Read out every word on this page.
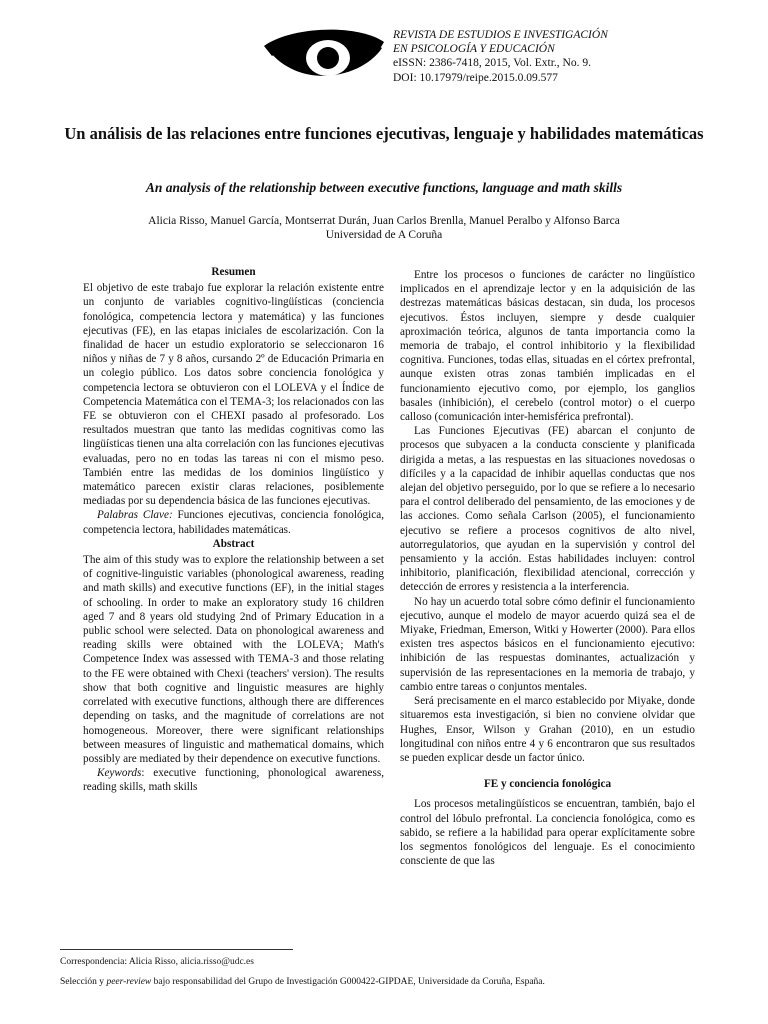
REVISTA DE ESTUDIOS E INVESTIGACIÓN
EN PSICOLOGÍA Y EDUCACIÓN
eISSN: 2386-7418, 2015, Vol. Extr., No. 9.
DOI: 10.17979/reipe.2015.0.09.577
Un análisis de las relaciones entre funciones ejecutivas, lenguaje y habilidades matemáticas
An analysis of the relationship between executive functions, language and math skills
Alicia Risso, Manuel García, Montserrat Durán, Juan Carlos Brenlla, Manuel Peralbo y Alfonso Barca
Universidad de A Coruña
Resumen

El objetivo de este trabajo fue explorar la relación existente entre un conjunto de variables cognitivo-lingüísticas (conciencia fonológica, competencia lectora y matemática) y las funciones ejecutivas (FE), en las etapas iniciales de escolarización. Con la finalidad de hacer un estudio exploratorio se seleccionaron 16 niños y niñas de 7 y 8 años, cursando 2º de Educación Primaria en un colegio público. Los datos sobre conciencia fonológica y competencia lectora se obtuvieron con el LOLEVA y el Índice de Competencia Matemática con el TEMA-3; los relacionados con las FE se obtuvieron con el CHEXI pasado al profesorado. Los resultados muestran que tanto las medidas cognitivas como las lingüísticas tienen una alta correlación con las funciones ejecutivas evaluadas, pero no en todas las tareas ni con el mismo peso. También entre las medidas de los dominios lingüístico y matemático parecen existir claras relaciones, posiblemente mediadas por su dependencia básica de las funciones ejecutivas.

Palabras Clave: Funciones ejecutivas, conciencia fonológica, competencia lectora, habilidades matemáticas.

Abstract

The aim of this study was to explore the relationship between a set of cognitive-linguistic variables (phonological awareness, reading and math skills) and executive functions (EF), in the initial stages of schooling. In order to make an exploratory study 16 children aged 7 and 8 years old studying 2nd of Primary Education in a public school were selected. Data on phonological awareness and reading skills were obtained with the LOLEVA; Math's Competence Index was assessed with TEMA-3 and those relating to the FE were obtained with Chexi (teachers' version). The results show that both cognitive and linguistic measures are highly correlated with executive functions, although there are differences depending on tasks, and the magnitude of correlations are not homogeneous. Moreover, there were significant relationships between measures of linguistic and mathematical domains, which possibly are mediated by their dependence on executive functions.

Keywords: executive functioning, phonological awareness, reading skills, math skills

Entre los procesos o funciones de carácter no lingüístico implicados en el aprendizaje lector y en la adquisición de las destrezas matemáticas básicas destacan, sin duda, los procesos ejecutivos. Éstos incluyen, siempre y desde cualquier aproximación teórica, algunos de tanta importancia como la memoria de trabajo, el control inhibitorio y la flexibilidad cognitiva. Funciones, todas ellas, situadas en el córtex prefrontal, aunque existen otras zonas también implicadas en el funcionamiento ejecutivo como, por ejemplo, los ganglios basales (inhibición), el cerebelo (control motor) o el cuerpo calloso (comunicación inter-hemisférica prefrontal).

Las Funciones Ejecutivas (FE) abarcan el conjunto de procesos que subyacen a la conducta consciente y planificada dirigida a metas, a las respuestas en las situaciones novedosas o difíciles y a la capacidad de inhibir aquellas conductas que nos alejan del objetivo perseguido, por lo que se refiere a lo necesario para el control deliberado del pensamiento, de las emociones y de las acciones. Como señala Carlson (2005), el funcionamiento ejecutivo se refiere a procesos cognitivos de alto nivel, autorregulatorios, que ayudan en la supervisión y control del pensamiento y la acción. Estas habilidades incluyen: control inhibitorio, planificación, flexibilidad atencional, corrección y detección de errores y resistencia a la interferencia.

No hay un acuerdo total sobre cómo definir el funcionamiento ejecutivo, aunque el modelo de mayor acuerdo quizá sea el de Miyake, Friedman, Emerson, Witki y Howerter (2000). Para ellos existen tres aspectos básicos en el funcionamiento ejecutivo: inhibición de las respuestas dominantes, actualización y supervisión de las representaciones en la memoria de trabajo, y cambio entre tareas o conjuntos mentales.

Será precisamente en el marco establecido por Miyake, donde situaremos esta investigación, si bien no conviene olvidar que Hughes, Ensor, Wilson y Grahan (2010), en un estudio longitudinal con niños entre 4 y 6 encontraron que sus resultados se pueden explicar desde un factor único.

FE y conciencia fonológica

Los procesos metalingüísticos se encuentran, también, bajo el control del lóbulo prefrontal. La conciencia fonológica, como es sabido, se refiere a la habilidad para operar explícitamente sobre los segmentos fonológicos del lenguaje. Es el conocimiento consciente de que las

Correspondencia: Alicia Risso, alicia.risso@udc.es
Selección y peer-review bajo responsabilidad del Grupo de Investigación G000422-GIPDAE, Universidade da Coruña, España.
